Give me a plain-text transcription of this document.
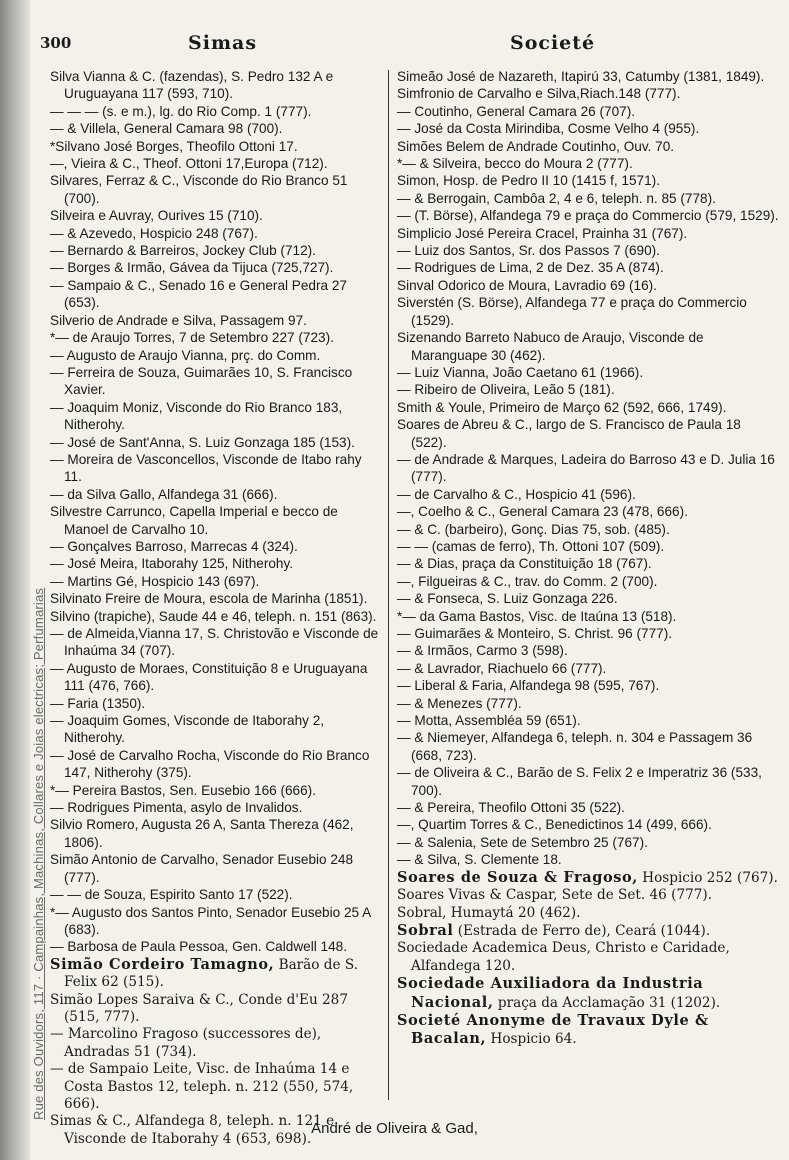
Rue des Ouvidors, 117 · Campainhas, Machinas, Collares e Joias electricas; Perfumarias
300	Simas	Societé

Silva Vianna & C. (fazendas), S. Pedro 132 A e Uruguayana 117 (593, 710).

— — — (s. e m.), lg. do Rio Comp. 1 (777).

— & Villela, General Camara 98 (700).

*Silvano José Borges, Theofilo Ottoni 17.

—, Vieira & C., Theof. Ottoni 17,Europa (712).

Silvares, Ferraz & C., Visconde do Rio Branco 51 (700).

Silveira e Auvray, Ourives 15 (710).

— & Azevedo, Hospicio 248 (767).

— Bernardo & Barreiros, Jockey Club (712).

— Borges & Irmão, Gávea da Tijuca (725,727).

— Sampaio & C., Senado 16 e General Pedra 27 (653).

Silverio de Andrade e Silva, Passagem 97.

*— de Araujo Torres, 7 de Setembro 227 (723).

— Augusto de Araujo Vianna, prç. do Comm.

— Ferreira de Souza, Guimarães 10, S. Francisco Xavier.

— Joaquim Moniz, Visconde do Rio Branco 183, Nitherohy.

— José de Sant'Anna, S. Luiz Gonzaga 185 (153).

— Moreira de Vasconcellos, Visconde de Itabo rahy 11.

— da Silva Gallo, Alfandega 31 (666).

Silvestre Carrunco, Capella Imperial e becco de Manoel de Carvalho 10.

— Gonçalves Barroso, Marrecas 4 (324).

— José Meira, Itaborahy 125, Nitherohy.

— Martins Gé, Hospicio 143 (697).

Silvinato Freire de Moura, escola de Marinha (1851).

Silvino (trapiche), Saude 44 e 46, teleph. n. 151 (863).

— de Almeida,Vianna 17, S. Christovão e Visconde de Inhaúma 34 (707).

— Augusto de Moraes, Constituição 8 e Uruguayana 111 (476, 766).

— Faria (1350).

— Joaquim Gomes, Visconde de Itaborahy 2, Nitherohy.

— José de Carvalho Rocha, Visconde do Rio Branco 147, Nitherohy (375).

*— Pereira Bastos, Sen. Eusebio 166 (666).

— Rodrigues Pimenta, asylo de Invalidos.

Silvio Romero, Augusta 26 A, Santa Thereza (462, 1806).

Simão Antonio de Carvalho, Senador Eusebio 248 (777).

— — de Souza, Espirito Santo 17 (522).

*— Augusto dos Santos Pinto, Senador Eusebio 25 A (683).

— Barbosa de Paula Pessoa, Gen. Caldwell 148.

Simão Cordeiro Tamagno, Barão de S. Felix 62 (515).

Simão Lopes Saraiva & C., Conde d'Eu 287 (515, 777).

— Marcolino Fragoso (successores de), Andradas 51 (734).

— de Sampaio Leite, Visc. de Inhaúma 14 e Costa Bastos 12, teleph. n. 212 (550, 574, 666).

Simas & C., Alfandega 8, teleph. n. 121 e Visconde de Itaborahy 4 (653, 698).

Simeão José de Nazareth, Itapirú 33, Catumby (1381, 1849).

Simfronio de Carvalho e Silva,Riach.148 (777).

— Coutinho, General Camara 26 (707).

— José da Costa Mirindiba, Cosme Velho 4 (955).

Simões Belem de Andrade Coutinho, Ouv. 70.

*— & Silveira, becco do Moura 2 (777).

Simon, Hosp. de Pedro II 10 (1415 f, 1571).

— & Berrogain, Cambôa 2, 4 e 6, teleph. n. 85 (778).

— (T. Börse), Alfandega 79 e praça do Commercio (579, 1529).

Simplicio José Pereira Cracel, Prainha 31 (767).

— Luiz dos Santos, Sr. dos Passos 7 (690).

— Rodrigues de Lima, 2 de Dez. 35 A (874).

Sinval Odorico de Moura, Lavradio 69 (16).

Siverstén (S. Börse), Alfandega 77 e praça do Commercio (1529).

Sizenando Barreto Nabuco de Araujo, Visconde de Maranguape 30 (462).

— Luiz Vianna, João Caetano 61 (1966).

— Ribeiro de Oliveira, Leão 5 (181).

Smith & Youle, Primeiro de Março 62 (592, 666, 1749).

Soares de Abreu & C., largo de S. Francisco de Paula 18 (522).

— de Andrade & Marques, Ladeira do Barroso 43 e D. Julia 16 (777).

— de Carvalho & C., Hospicio 41 (596).

—, Coelho & C., General Camara 23 (478, 666).

— & C. (barbeiro), Gonç. Dias 75, sob. (485).

— — (camas de ferro), Th. Ottoni 107 (509).

— & Dias, praça da Constituição 18 (767).

—, Filgueiras & C., trav. do Comm. 2 (700).

— & Fonseca, S. Luiz Gonzaga 226.

*— da Gama Bastos, Visc. de Itaúna 13 (518).

— Guimarães & Monteiro, S. Christ. 96 (777).

— & Irmãos, Carmo 3 (598).

— & Lavrador, Riachuelo 66 (777).

— Liberal & Faria, Alfandega 98 (595, 767).

— & Menezes (777).

— Motta, Assembléa 59 (651).

— & Niemeyer, Alfandega 6, teleph. n. 304 e Passagem 36 (668, 723).

— de Oliveira & C., Barão de S. Felix 2 e Imperatriz 36 (533, 700).

— & Pereira, Theofilo Ottoni 35 (522).

—, Quartim Torres & C., Benedictinos 14 (499, 666).

— & Salenia, Sete de Setembro 25 (767).

— & Silva, S. Clemente 18.

Soares de Souza & Fragoso, Hospicio 252 (767).

Soares Vivas & Caspar, Sete de Set. 46 (777).

Sobral, Humaytá 20 (462).

Sobral (Estrada de Ferro de), Ceará (1044).

Sociedade Academica Deus, Christo e Caridade, Alfandega 120.

Sociedade Auxiliadora da Industria Nacional, praça da Acclamação 31 (1202).

Societé Anonyme de Travaux Dyle & Bacalan, Hospicio 64.

André de Oliveira & Gad,
